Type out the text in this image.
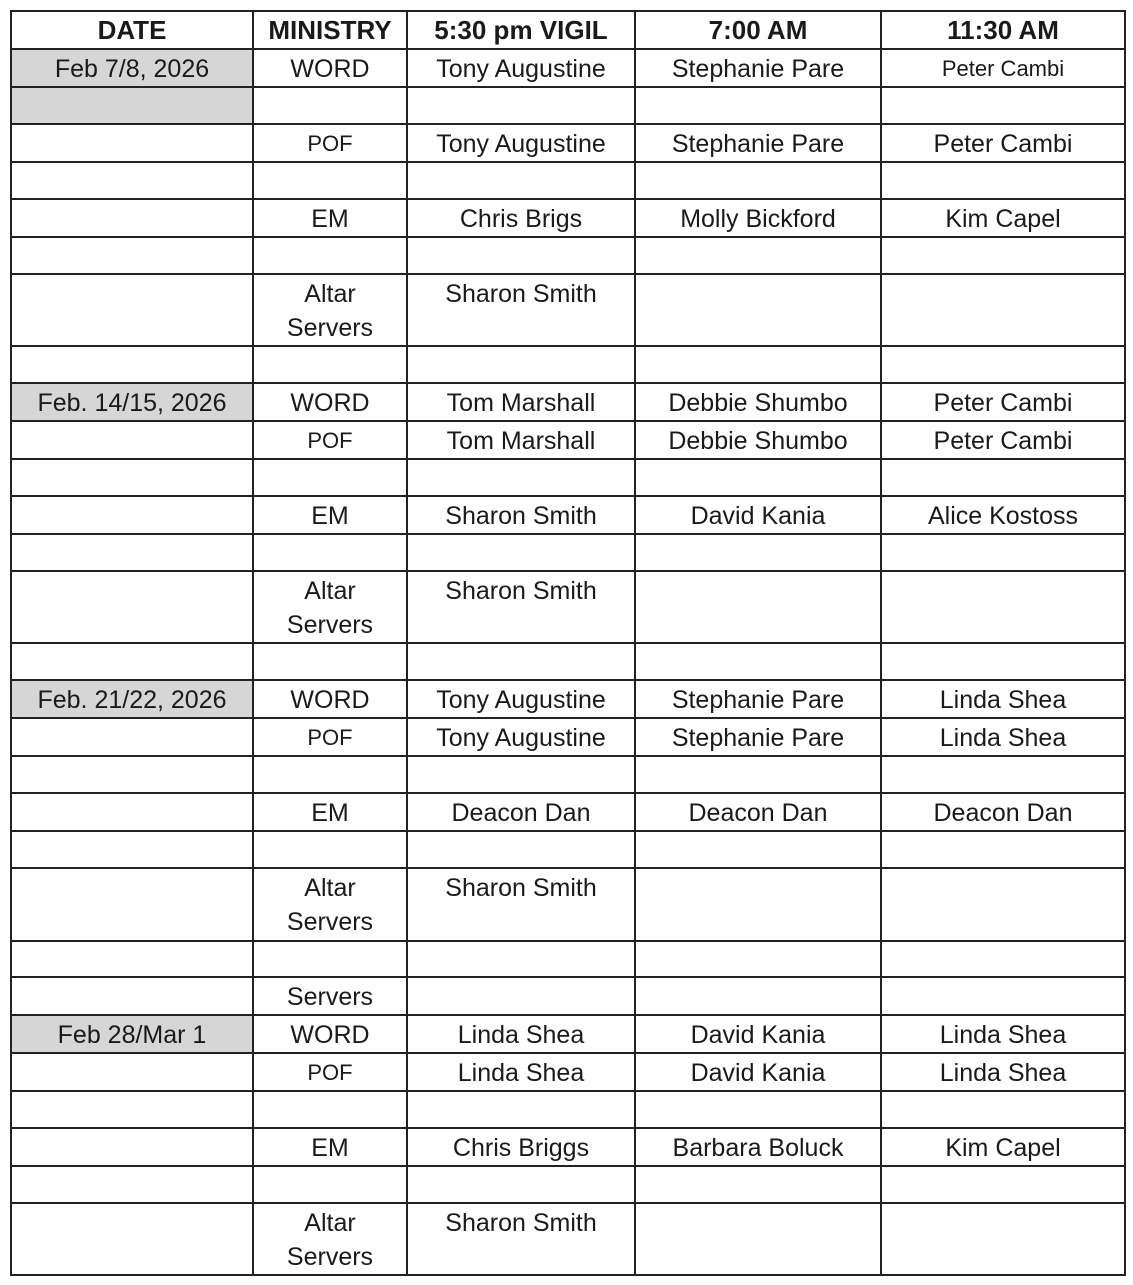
DATE	MINISTRY	5:30 pm VIGIL	7:00 AM	11:30 AM

Feb 7/8, 2026	WORD	Tony Augustine	Stephanie Pare	Peter Cambi

	POF	Tony Augustine	Stephanie Pare	Peter Cambi

	EM	Chris Brigs	Molly Bickford	Kim Capel

	Altar Servers	Sharon Smith		

Feb. 14/15, 2026	WORD	Tom Marshall	Debbie Shumbo	Peter Cambi

	POF	Tom Marshall	Debbie Shumbo	Peter Cambi

	EM	Sharon Smith	David Kania	Alice Kostoss

	Altar Servers	Sharon Smith		

Feb. 21/22, 2026	WORD	Tony Augustine	Stephanie Pare	Linda Shea

	POF	Tony Augustine	Stephanie Pare	Linda Shea

	EM	Deacon Dan	Deacon Dan	Deacon Dan

	Altar Servers	Sharon Smith		

	Servers			

Feb 28/Mar 1	WORD	Linda Shea	David Kania	Linda Shea

	POF	Linda Shea	David Kania	Linda Shea

	EM	Chris Briggs	Barbara Boluck	Kim Capel

	Altar Servers	Sharon Smith		
